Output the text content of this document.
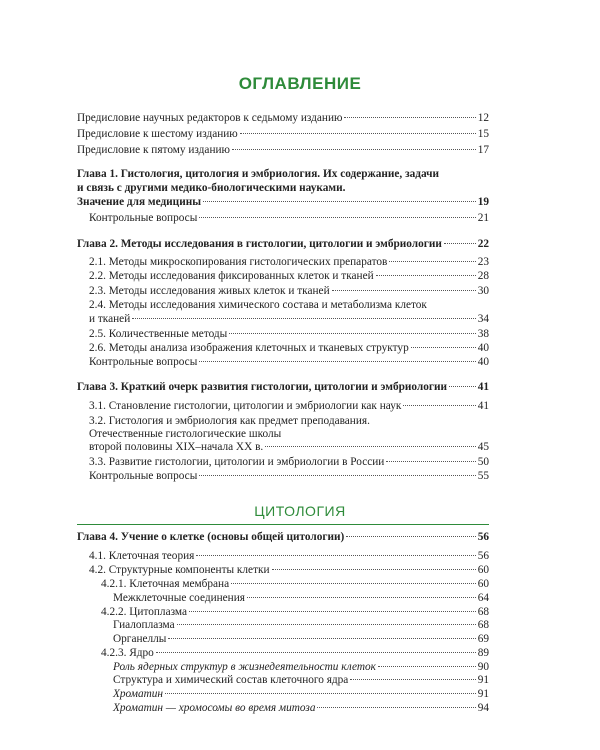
ОГЛАВЛЕНИЕ
Предисловие научных редакторов к седьмому изданию	12
Предисловие к шестому изданию	15
Предисловие к пятому изданию	17
Глава 1. Гистология, цитология и эмбриология. Их содержание, задачи
и связь с другими медико-биологическими науками.
Значение для медицины	19
Контрольные вопросы	21
Глава 2. Методы исследования в гистологии, цитологии и эмбриологии	22
2.1. Методы микроскопирования гистологических препаратов	23
2.2. Методы исследования фиксированных клеток и тканей	28
2.3. Методы исследования живых клеток и тканей	30
2.4. Методы исследования химического состава и метаболизма клеток
и тканей	34
2.5. Количественные методы	38
2.6. Методы анализа изображения клеточных и тканевых структур	40
Контрольные вопросы	40
Глава 3. Краткий очерк развития гистологии, цитологии и эмбриологии	41
3.1. Становление гистологии, цитологии и эмбриологии как наук	41
3.2. Гистология и эмбриология как предмет преподавания.
Отечественные гистологические школы
второй половины XIX–начала XX в.	45
3.3. Развитие гистологии, цитологии и эмбриологии в России	50
Контрольные вопросы	55
ЦИТОЛОГИЯ
Глава 4. Учение о клетке (основы общей цитологии)	56
4.1. Клеточная теория	56
4.2. Структурные компоненты клетки	60
4.2.1. Клеточная мембрана	60
Межклеточные соединения	64
4.2.2. Цитоплазма	68
Гиалоплазма	68
Органеллы	69
4.2.3. Ядро	89
Роль ядерных структур в жизнедеятельности клеток	90
Структура и химический состав клеточного ядра	91
Хроматин	91
Хроматин — хромосомы во время митоза	94
